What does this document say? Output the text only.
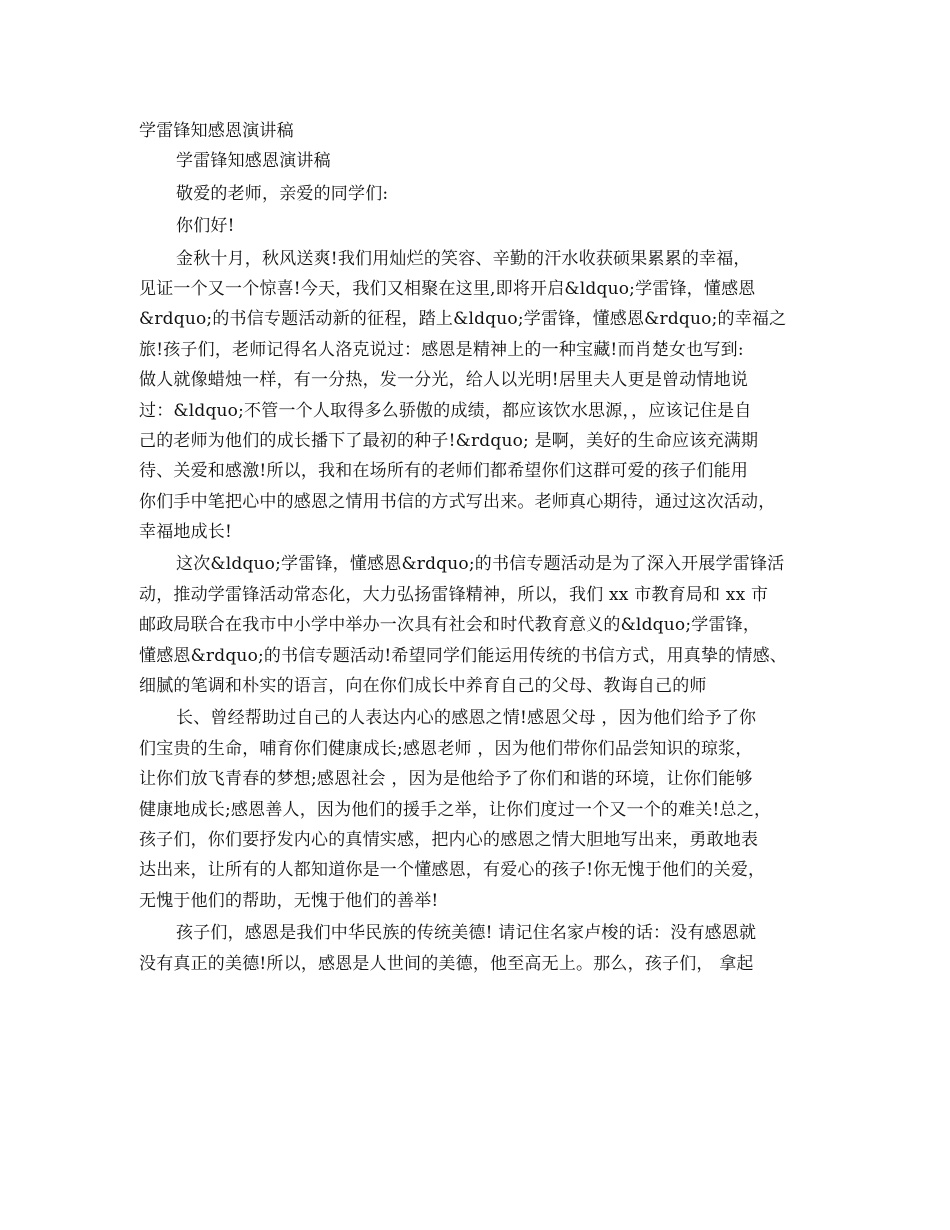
学雷锋知感恩演讲稿
学雷锋知感恩演讲稿
敬爱的老师，亲爱的同学们:
你们好!
金秋十月，秋风送爽!我们用灿烂的笑容、辛勤的汗水收获硕果累累的幸福，
见证一个又一个惊喜!今天，我们又相聚在这里,即将开启&ldquo;学雷锋，懂感恩
&rdquo;的书信专题活动新的征程，踏上&ldquo;学雷锋，懂感恩&rdquo;的幸福之
旅!孩子们，老师记得名人洛克说过：感恩是精神上的一种宝藏!而肖楚女也写到:
做人就像蜡烛一样，有一分热，发一分光，给人以光明!居里夫人更是曾动情地说
过：&ldquo;不管一个人取得多么骄傲的成绩，都应该饮水思源，，应该记住是自
己的老师为他们的成长播下了最初的种子!&rdquo; 是啊，美好的生命应该充满期
待、关爱和感激!所以，我和在场所有的老师们都希望你们这群可爱的孩子们能用
你们手中笔把心中的感恩之情用书信的方式写出来。老师真心期待，通过这次活动，
幸福地成长!
这次&ldquo;学雷锋，懂感恩&rdquo;的书信专题活动是为了深入开展学雷锋活
动，推动学雷锋活动常态化，大力弘扬雷锋精神，所以，我们 xx 市教育局和 xx 市
邮政局联合在我市中小学中举办一次具有社会和时代教育意义的&ldquo;学雷锋，
懂感恩&rdquo;的书信专题活动!希望同学们能运用传统的书信方式，用真挚的情感、
细腻的笔调和朴实的语言，向在你们成长中养育自己的父母、教诲自己的师
长、曾经帮助过自己的人表达内心的感恩之情!感恩父母 ，因为他们给予了你
们宝贵的生命，哺育你们健康成长;感恩老师 ，因为他们带你们品尝知识的琼浆，
让你们放飞青春的梦想;感恩社会 ，因为是他给予了你们和谐的环境，让你们能够
健康地成长;感恩善人，因为他们的援手之举，让你们度过一个又一个的难关!总之，
孩子们，你们要抒发内心的真情实感，把内心的感恩之情大胆地写出来，勇敢地表
达出来，让所有的人都知道你是一个懂感恩，有爱心的孩子!你无愧于他们的关爱，
无愧于他们的帮助，无愧于他们的善举!
孩子们，感恩是我们中华民族的传统美德! 请记住名家卢梭的话：没有感恩就
没有真正的美德!所以，感恩是人世间的美德，他至高无上。那么，孩子们， 拿起
